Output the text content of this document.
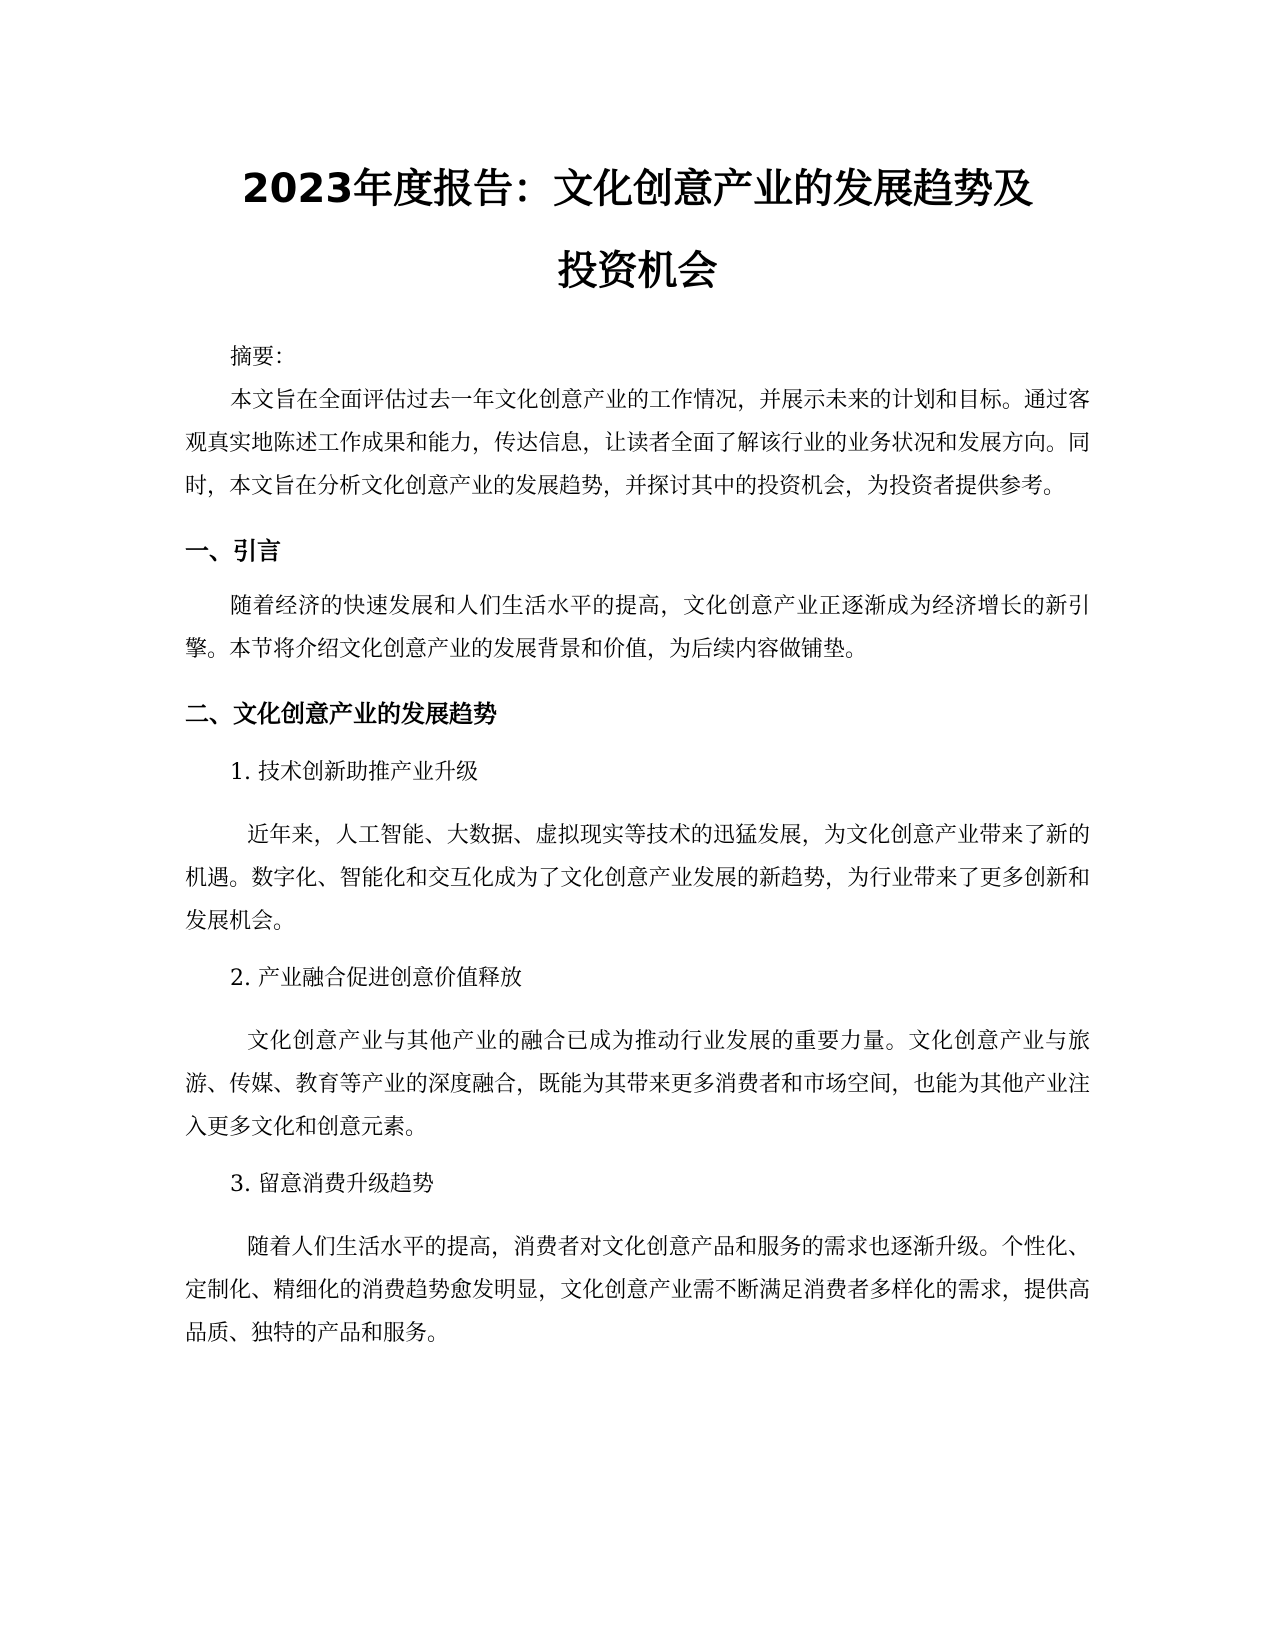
2023年度报告：文化创意产业的发展趋势及
投资机会
摘要：

本文旨在全面评估过去一年文化创意产业的工作情况，并展示未来的计划和目标。通过客观真实地陈述工作成果和能力，传达信息，让读者全面了解该行业的业务状况和发展方向。同时，本文旨在分析文化创意产业的发展趋势，并探讨其中的投资机会，为投资者提供参考。

一、引言

随着经济的快速发展和人们生活水平的提高，文化创意产业正逐渐成为经济增长的新引擎。本节将介绍文化创意产业的发展背景和价值，为后续内容做铺垫。

二、文化创意产业的发展趋势
1. 技术创新助推产业升级

近年来，人工智能、大数据、虚拟现实等技术的迅猛发展，为文化创意产业带来了新的机遇。数字化、智能化和交互化成为了文化创意产业发展的新趋势，为行业带来了更多创新和发展机会。

2. 产业融合促进创意价值释放

文化创意产业与其他产业的融合已成为推动行业发展的重要力量。文化创意产业与旅游、传媒、教育等产业的深度融合，既能为其带来更多消费者和市场空间，也能为其他产业注入更多文化和创意元素。

3. 留意消费升级趋势

随着人们生活水平的提高，消费者对文化创意产品和服务的需求也逐渐升级。个性化、定制化、精细化的消费趋势愈发明显，文化创意产业需不断满足消费者多样化的需求，提供高品质、独特的产品和服务。
